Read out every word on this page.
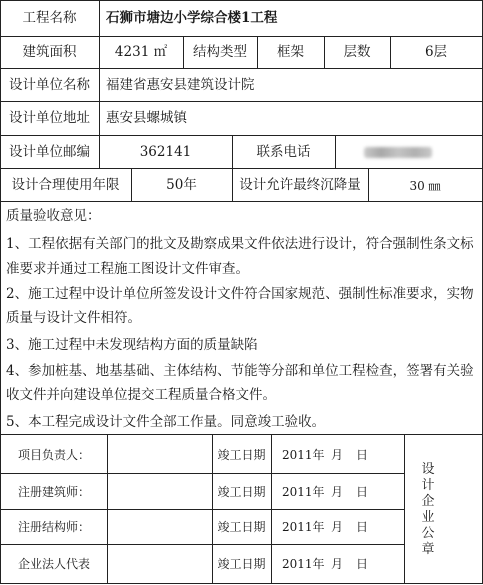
工程名称	石狮市塘边小学综合楼1工程
建筑面积	4231 ㎡	结构类型	框架	层数	6层
设计单位名称	福建省惠安县建筑设计院
设计单位地址	惠安县螺城镇
设计单位邮编	362141	联系电话
设计合理使用年限	50年	设计允许最终沉降量	30 ㎜
质量验收意见：
1、工程依据有关部门的批文及勘察成果文件依法进行设计，符合强制性条文标
准要求并通过工程施工图设计文件审查。
2、施工过程中设计单位所签发设计文件符合国家规范、强制性标准要求，实物
质量与设计文件相符。
3、施工过程中未发现结构方面的质量缺陷
4、参加桩基、地基基础、主体结构、节能等分部和单位工程检查，签署有关验
收文件并向建设单位提交工程质量合格文件。
5、本工程完成设计文件全部工作量。同意竣工验收。
项目负责人：	竣工日期	2011年 月 日
注册建筑师：	竣工日期	2011年 月 日
注册结构师：	竣工日期	2011年 月 日
企业法人代表	竣工日期	2011年 月 日
设计企业公章
